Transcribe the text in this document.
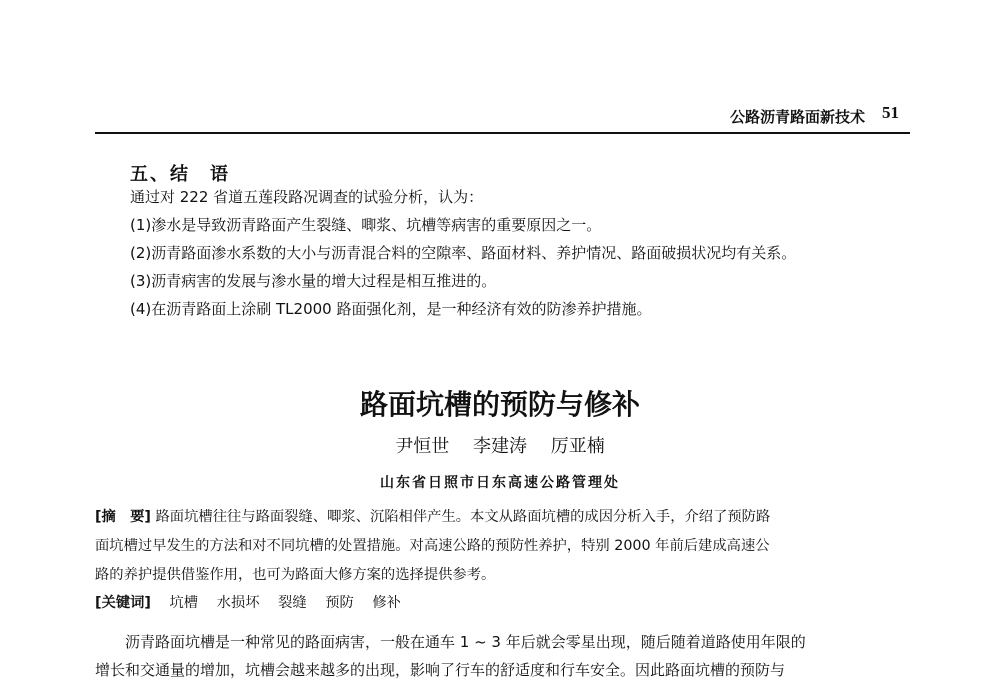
公路沥青路面新技术 51
五、结　语
通过对 222 省道五莲段路况调查的试验分析，认为：
(1)渗水是导致沥青路面产生裂缝、唧浆、坑槽等病害的重要原因之一。
(2)沥青路面渗水系数的大小与沥青混合料的空隙率、路面材料、养护情况、路面破损状况均有关系。
(3)沥青病害的发展与渗水量的增大过程是相互推进的。
(4)在沥青路面上涂刷 TL2000 路面强化剂，是一种经济有效的防渗养护措施。
路面坑槽的预防与修补
尹恒世 李建涛 厉亚楠
山东省日照市日东高速公路管理处
[摘　要] 路面坑槽往往与路面裂缝、唧浆、沉陷相伴产生。本文从路面坑槽的成因分析入手，介绍了预防路
面坑槽过早发生的方法和对不同坑槽的处置措施。对高速公路的预防性养护，特别 2000 年前后建成高速公
路的养护提供借鉴作用，也可为路面大修方案的选择提供参考。
[关键词] 坑槽 水损坏 裂缝 预防 修补
沥青路面坑槽是一种常见的路面病害，一般在通车 1 ~ 3 年后就会零星出现，随后随着道路使用年限的
增长和交通量的增加，坑槽会越来越多的出现，影响了行车的舒适度和行车安全。因此路面坑槽的预防与
